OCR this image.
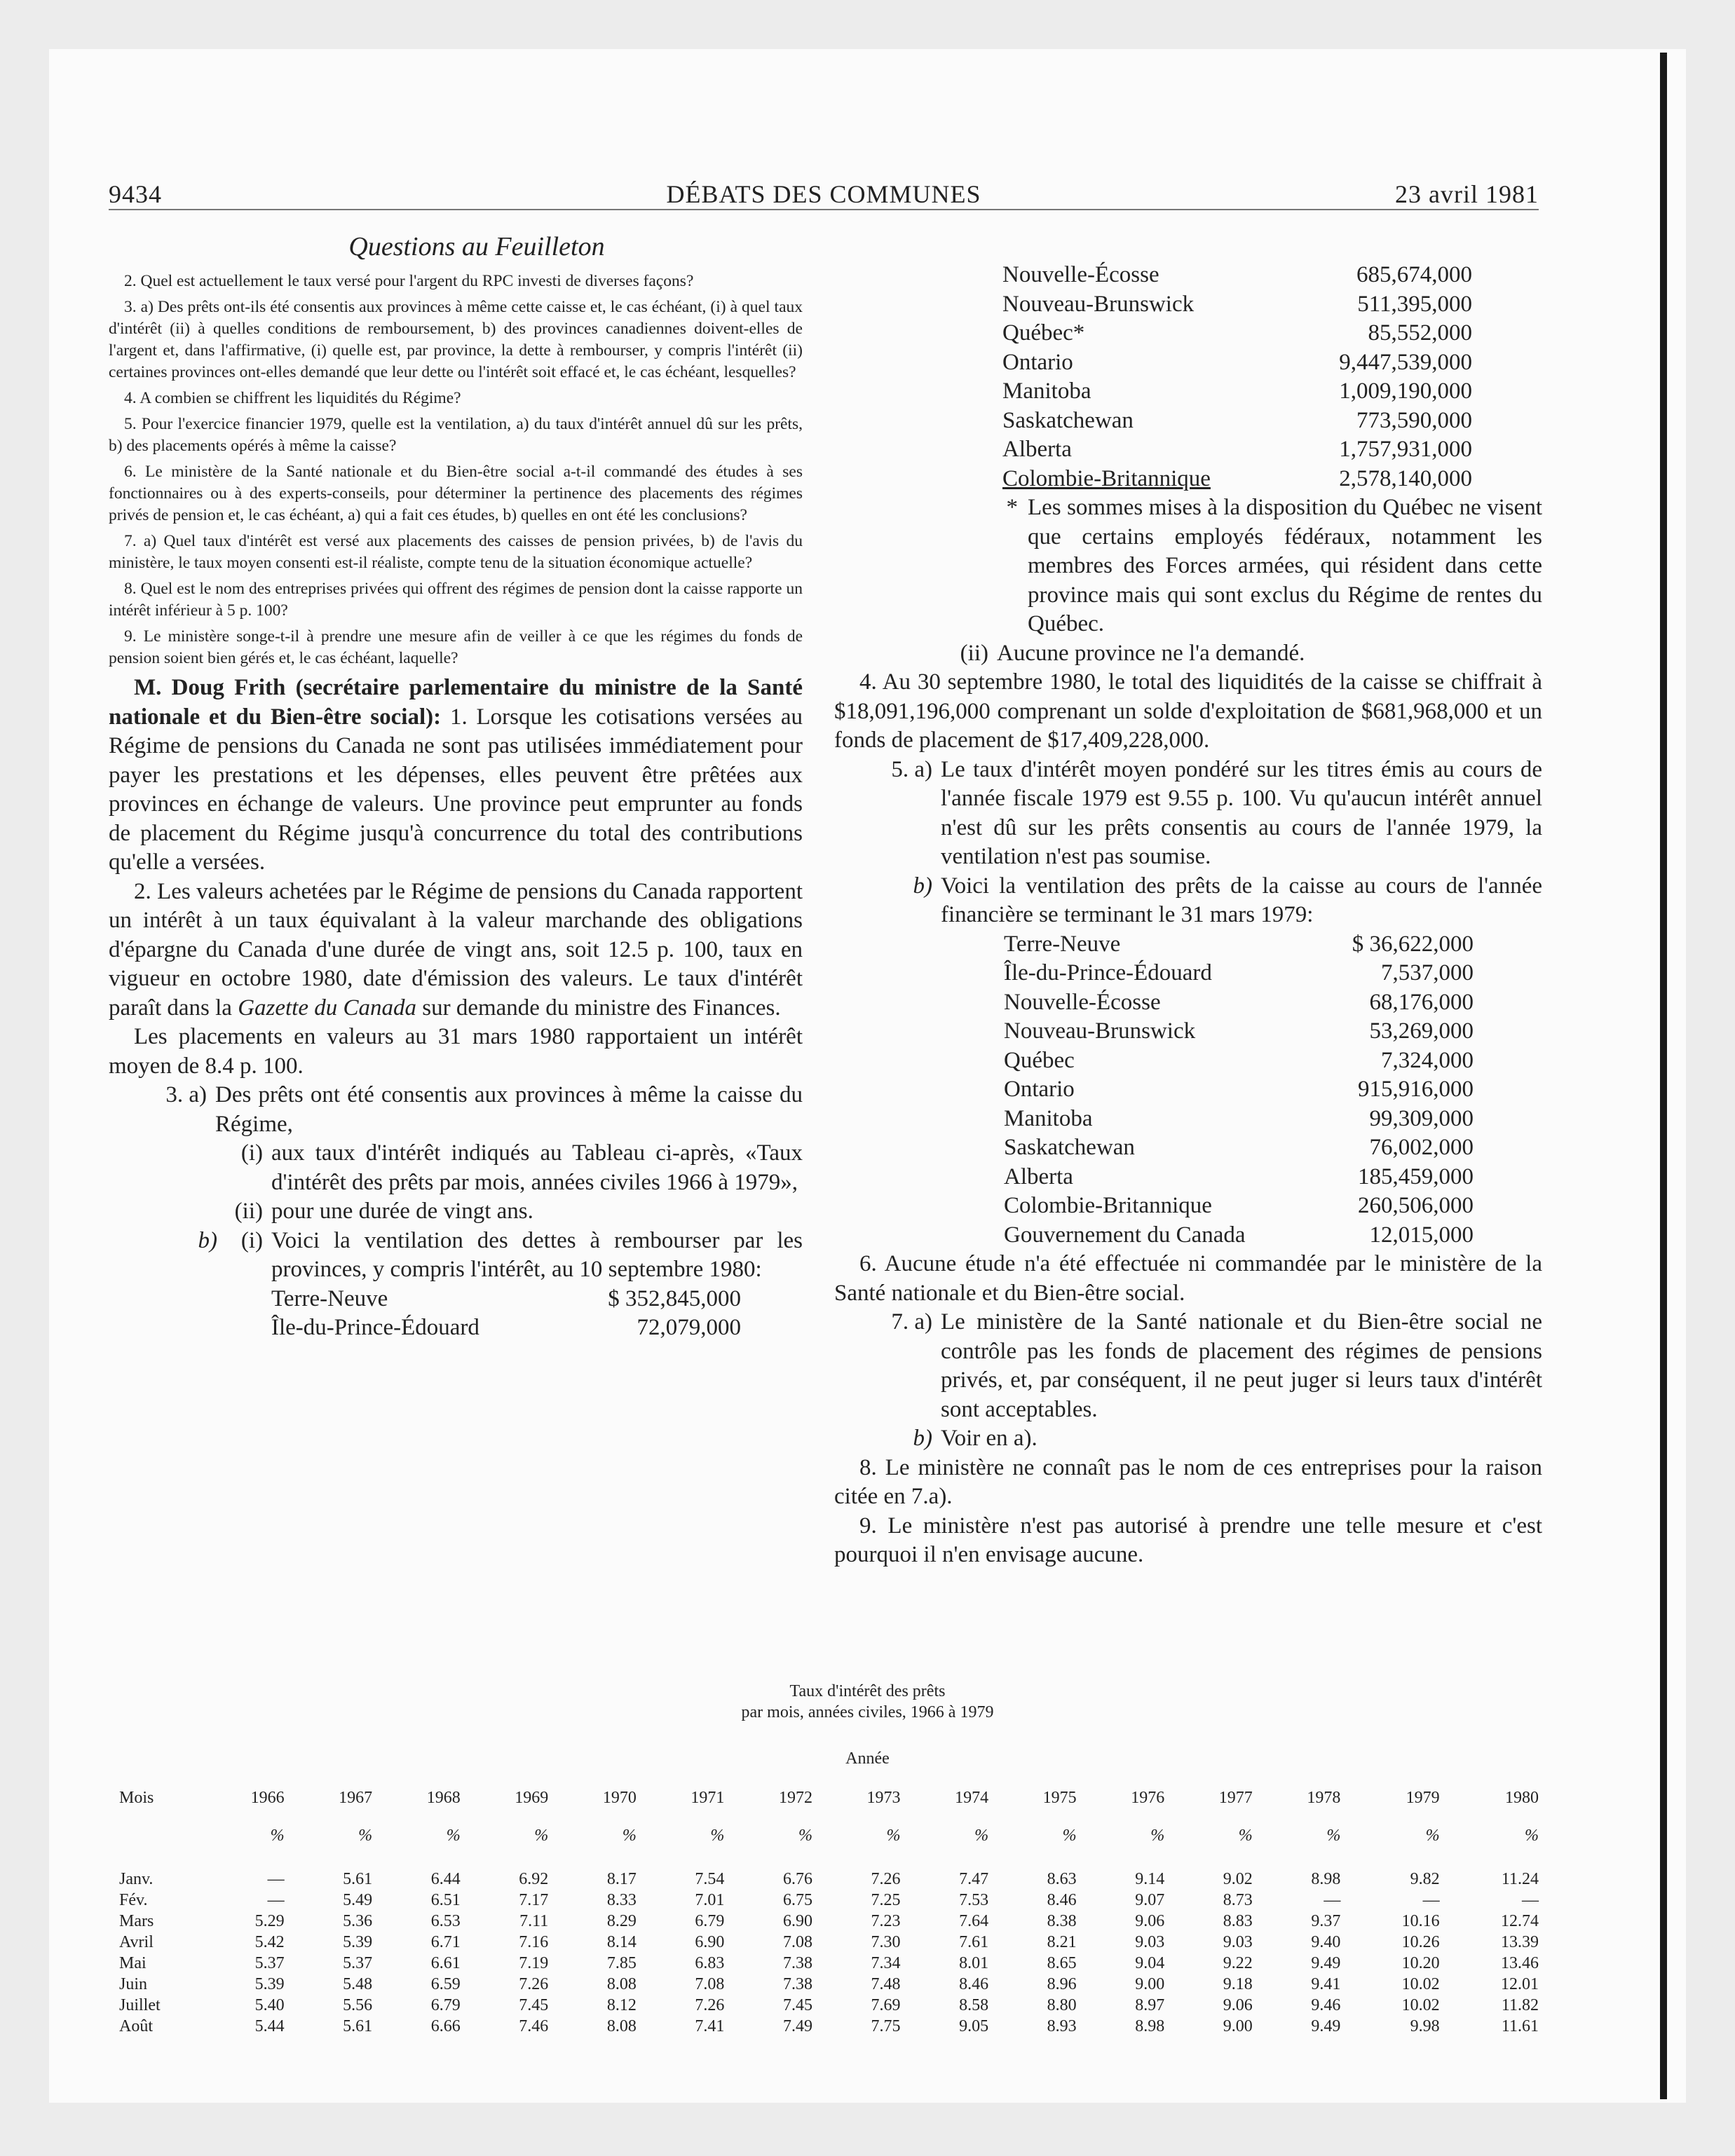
DÉBATS DES COMMUNES
9434	23 avril 1981
Questions au Feuilleton

2. Quel est actuellement le taux versé pour l'argent du RPC investi de diverses façons?

3. a) Des prêts ont-ils été consentis aux provinces à même cette caisse et, le cas échéant, (i) à quel taux d'intérêt (ii) à quelles conditions de remboursement, b) des provinces canadiennes doivent-elles de l'argent et, dans l'affirmative, (i) quelle est, par province, la dette à rembourser, y compris l'intérêt (ii) certaines provinces ont-elles demandé que leur dette ou l'intérêt soit effacé et, le cas échéant, lesquelles?

4. A combien se chiffrent les liquidités du Régime?

5. Pour l'exercice financier 1979, quelle est la ventilation, a) du taux d'intérêt annuel dû sur les prêts, b) des placements opérés à même la caisse?

6. Le ministère de la Santé nationale et du Bien-être social a-t-il commandé des études à ses fonctionnaires ou à des experts-conseils, pour déterminer la pertinence des placements des régimes privés de pension et, le cas échéant, a) qui a fait ces études, b) quelles en ont été les conclusions?

7. a) Quel taux d'intérêt est versé aux placements des caisses de pension privées, b) de l'avis du ministère, le taux moyen consenti est-il réaliste, compte tenu de la situation économique actuelle?

8. Quel est le nom des entreprises privées qui offrent des régimes de pension dont la caisse rapporte un intérêt inférieur à 5 p. 100?

9. Le ministère songe-t-il à prendre une mesure afin de veiller à ce que les régimes du fonds de pension soient bien gérés et, le cas échéant, laquelle?

M. Doug Frith (secrétaire parlementaire du ministre de la Santé nationale et du Bien-être social): 1. Lorsque les cotisations versées au Régime de pensions du Canada ne sont pas utilisées immédiatement pour payer les prestations et les dépenses, elles peuvent être prêtées aux provinces en échange de valeurs. Une province peut emprunter au fonds de placement du Régime jusqu'à concurrence du total des contributions qu'elle a versées.

2. Les valeurs achetées par le Régime de pensions du Canada rapportent un intérêt à un taux équivalant à la valeur marchande des obligations d'épargne du Canada d'une durée de vingt ans, soit 12.5 p. 100, taux en vigueur en octobre 1980, date d'émission des valeurs. Le taux d'intérêt paraît dans la Gazette du Canada sur demande du ministre des Finances.

Les placements en valeurs au 31 mars 1980 rapportaient un intérêt moyen de 8.4 p. 100.

3. a) Des prêts ont été consentis aux provinces à même la caisse du Régime,
(i) aux taux d'intérêt indiqués au Tableau ci-après, «Taux d'intérêt des prêts par mois, années civiles 1966 à 1979»,
(ii) pour une durée de vingt ans.
b)	(i) Voici la ventilation des dettes à rembourser par les provinces, y compris l'intérêt, au 10 septembre 1980:
Terre-Neuve	$ 352,845,000
Île-du-Prince-Édouard	72,079,000
Nouvelle-Écosse	685,674,000
Nouveau-Brunswick	511,395,000
Québec*	85,552,000
Ontario	9,447,539,000
Manitoba	1,009,190,000
Saskatchewan	773,590,000
Alberta	1,757,931,000
Colombie-Britannique	2,578,140,000
* Les sommes mises à la disposition du Québec ne visent que certains employés fédéraux, notamment les membres des Forces armées, qui résident dans cette province mais qui sont exclus du Régime de rentes du Québec.
(ii) Aucune province ne l'a demandé.

4. Au 30 septembre 1980, le total des liquidités de la caisse se chiffrait à $18,091,196,000 comprenant un solde d'exploitation de $681,968,000 et un fonds de placement de $17,409,228,000.

5. a) Le taux d'intérêt moyen pondéré sur les titres émis au cours de l'année fiscale 1979 est 9.55 p. 100. Vu qu'aucun intérêt annuel n'est dû sur les prêts consentis au cours de l'année 1979, la ventilation n'est pas soumise.
b) Voici la ventilation des prêts de la caisse au cours de l'année financière se terminant le 31 mars 1979:
Terre-Neuve	$ 36,622,000
Île-du-Prince-Édouard	7,537,000
Nouvelle-Écosse	68,176,000
Nouveau-Brunswick	53,269,000
Québec	7,324,000
Ontario	915,916,000
Manitoba	99,309,000
Saskatchewan	76,002,000
Alberta	185,459,000
Colombie-Britannique	260,506,000
Gouvernement du Canada	12,015,000

6. Aucune étude n'a été effectuée ni commandée par le ministère de la Santé nationale et du Bien-être social.

7. a) Le ministère de la Santé nationale et du Bien-être social ne contrôle pas les fonds de placement des régimes de pensions privés, et, par conséquent, il ne peut juger si leurs taux d'intérêt sont acceptables.
b) Voir en a).

8. Le ministère ne connaît pas le nom de ces entreprises pour la raison citée en 7.a).

9. Le ministère n'est pas autorisé à prendre une telle mesure et c'est pourquoi il n'en envisage aucune.

Taux d'intérêt des prêts
par mois, années civiles, 1966 à 1979
Année
Mois	1966	1967	1968	1969	1970	1971	1972	1973	1974	1975	1976	1977	1978	1979	1980
	%	%	%	%	%	%	%	%	%	%	%	%	%	%	%
Janv.	—	5.61	6.44	6.92	8.17	7.54	6.76	7.26	7.47	8.63	9.14	9.02	8.98	9.82	11.24
Fév.	—	5.49	6.51	7.17	8.33	7.01	6.75	7.25	7.53	8.46	9.07	8.73	—	—	—
Mars	5.29	5.36	6.53	7.11	8.29	6.79	6.90	7.23	7.64	8.38	9.06	8.83	9.37	10.16	12.74
Avril	5.42	5.39	6.71	7.16	8.14	6.90	7.08	7.30	7.61	8.21	9.03	9.03	9.40	10.26	13.39
Mai	5.37	5.37	6.61	7.19	7.85	6.83	7.38	7.34	8.01	8.65	9.04	9.22	9.49	10.20	13.46
Juin	5.39	5.48	6.59	7.26	8.08	7.08	7.38	7.48	8.46	8.96	9.00	9.18	9.41	10.02	12.01
Juillet	5.40	5.56	6.79	7.45	8.12	7.26	7.45	7.69	8.58	8.80	8.97	9.06	9.46	10.02	11.82
Août	5.44	5.61	6.66	7.46	8.08	7.41	7.49	7.75	9.05	8.93	8.98	9.00	9.49	9.98	11.61
